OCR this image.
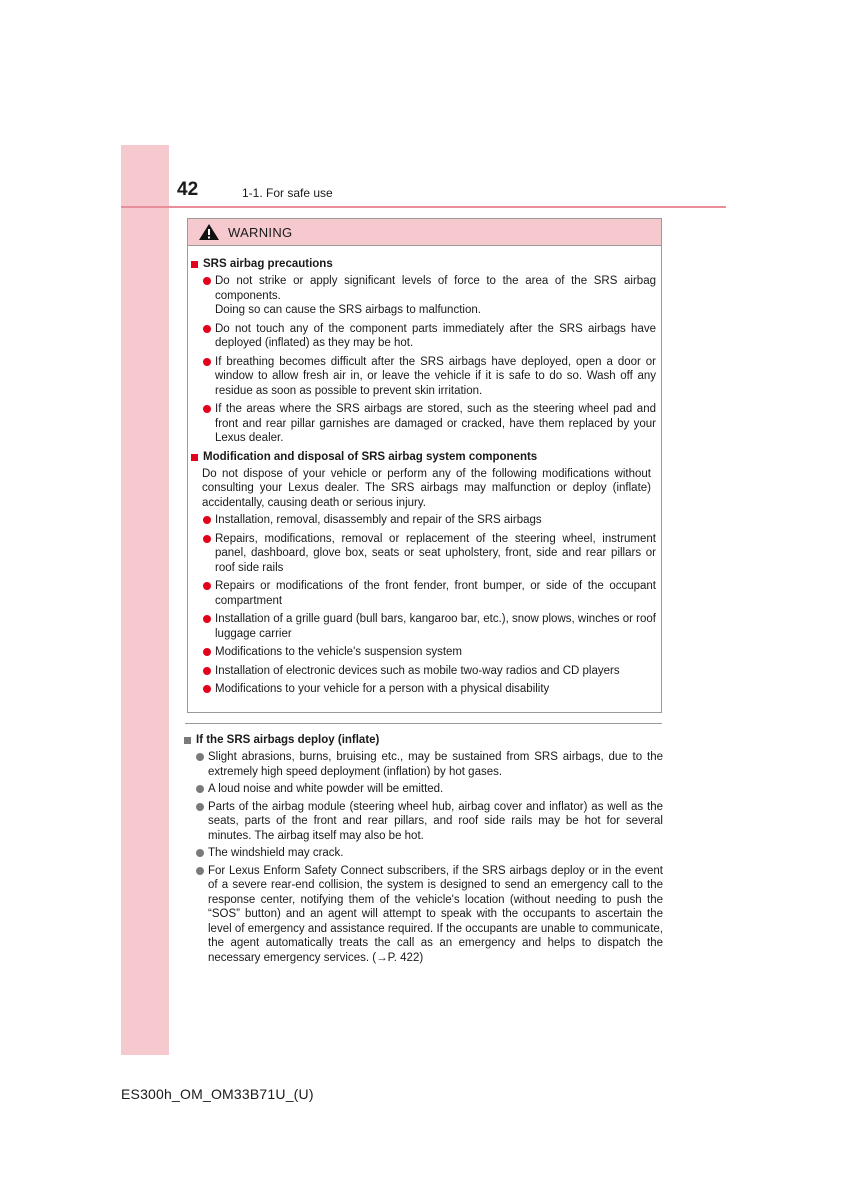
42	1-1. For safe use
WARNING
SRS airbag precautions
Do not strike or apply significant levels of force to the area of the SRS airbag components.
Doing so can cause the SRS airbags to malfunction.
Do not touch any of the component parts immediately after the SRS airbags have deployed (inflated) as they may be hot.
If breathing becomes difficult after the SRS airbags have deployed, open a door or window to allow fresh air in, or leave the vehicle if it is safe to do so. Wash off any residue as soon as possible to prevent skin irritation.
If the areas where the SRS airbags are stored, such as the steering wheel pad and front and rear pillar garnishes are damaged or cracked, have them replaced by your Lexus dealer.
Modification and disposal of SRS airbag system components
Do not dispose of your vehicle or perform any of the following modifications without consulting your Lexus dealer. The SRS airbags may malfunction or deploy (inflate) accidentally, causing death or serious injury.
Installation, removal, disassembly and repair of the SRS airbags
Repairs, modifications, removal or replacement of the steering wheel, instrument panel, dashboard, glove box, seats or seat upholstery, front, side and rear pillars or roof side rails
Repairs or modifications of the front fender, front bumper, or side of the occupant compartment
Installation of a grille guard (bull bars, kangaroo bar, etc.), snow plows, winches or roof luggage carrier
Modifications to the vehicle's suspension system
Installation of electronic devices such as mobile two-way radios and CD players
Modifications to your vehicle for a person with a physical disability
If the SRS airbags deploy (inflate)
Slight abrasions, burns, bruising etc., may be sustained from SRS airbags, due to the extremely high speed deployment (inflation) by hot gases.
A loud noise and white powder will be emitted.
Parts of the airbag module (steering wheel hub, airbag cover and inflator) as well as the seats, parts of the front and rear pillars, and roof side rails may be hot for several minutes. The airbag itself may also be hot.
The windshield may crack.
For Lexus Enform Safety Connect subscribers, if the SRS airbags deploy or in the event of a severe rear-end collision, the system is designed to send an emergency call to the response center, notifying them of the vehicle's location (without needing to push the “SOS” button) and an agent will attempt to speak with the occupants to ascertain the level of emergency and assistance required. If the occupants are unable to communicate, the agent automatically treats the call as an emergency and helps to dispatch the necessary emergency services. (→P. 422)
ES300h_OM_OM33B71U_(U)
